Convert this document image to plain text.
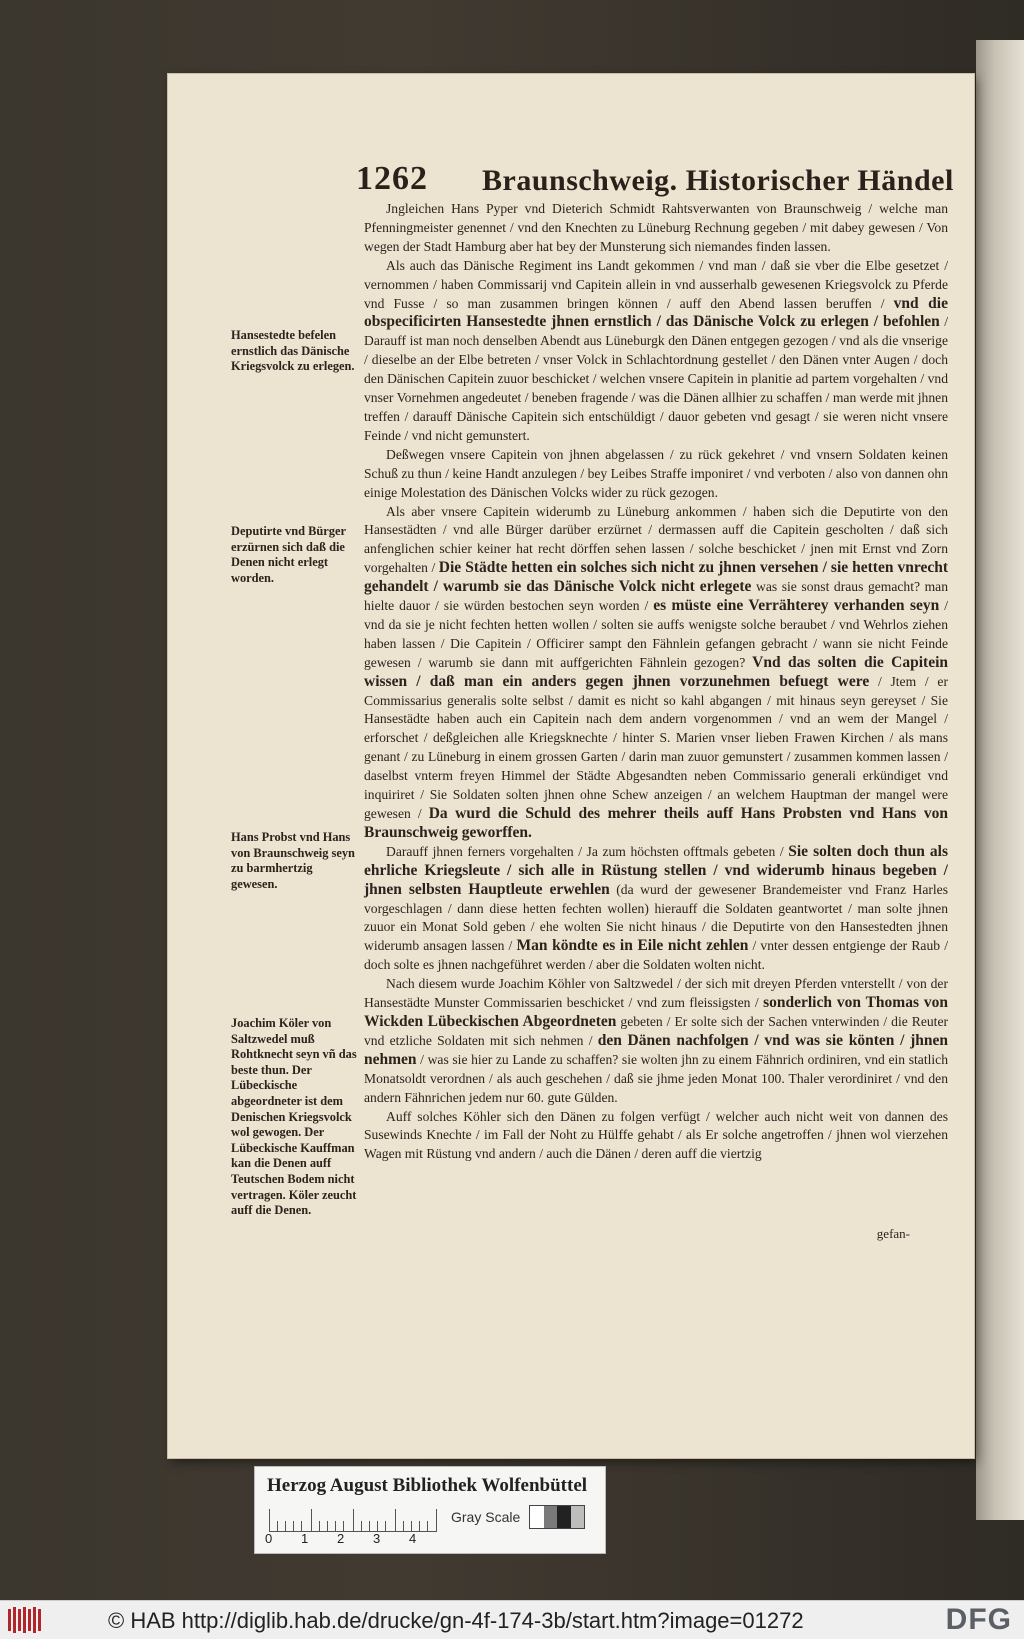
1262	Braunschweig. Historischer Händel

Jngleichen Hans Pyper vnd Dieterich Schmidt Rahtsverwanten von Braunschweig / welche man Pfenningmeister genennet / vnd den Knechten zu Lüneburg Rechnung gegeben / mit dabey gewesen / Von wegen der Stadt Hamburg aber hat bey der Munsterung sich niemandes finden lassen.

Als auch das Dänische Regiment ins Landt gekommen / vnd man / daß sie vber die Elbe gesetzet / vernommen / haben Commissarij vnd Capitein allein in vnd ausserhalb gewesenen Kriegsvolck zu Pferde vnd Fusse / so man zusammen bringen können / auff den Abend lassen beruffen / vnd die obspecificirten Hansestedte jhnen ernstlich / das Dänische Volck zu erlegen / befohlen / Darauff ist man noch denselben Abendt aus Lüneburgk den Dänen entgegen gezogen / vnd als die vnserige / dieselbe an der Elbe betreten / vnser Volck in Schlachtordnung gestellet / den Dänen vnter Augen / doch den Dänischen Capitein zuuor beschicket / welchen vnsere Capitein in planitie ad partem vorgehalten / vnd vnser Vornehmen angedeutet / beneben fragende / was die Dänen allhier zu schaffen / man werde mit jhnen treffen / darauff Dänische Capitein sich entschüldigt / dauor gebeten vnd gesagt / sie weren nicht vnsere Feinde / vnd nicht gemunstert.

Deßwegen vnsere Capitein von jhnen abgelassen / zu rück gekehret / vnd vnsern Soldaten keinen Schuß zu thun / keine Handt anzulegen / bey Leibes Straffe imponiret / vnd verboten / also von dannen ohn einige Molestation des Dänischen Volcks wider zu rück gezogen.

Als aber vnsere Capitein widerumb zu Lüneburg ankommen / haben sich die Deputirte von den Hansestädten / vnd alle Bürger darüber erzürnet / dermassen auff die Capitein gescholten / daß sich anfenglichen schier keiner hat recht dörffen sehen lassen / solche beschicket / jnen mit Ernst vnd Zorn vorgehalten / Die Städte hetten ein solches sich nicht zu jhnen versehen / sie hetten vnrecht gehandelt / warumb sie das Dänische Volck nicht erlegete was sie sonst draus gemacht? man hielte dauor / sie würden bestochen seyn worden / es müste eine Verrähterey verhanden seyn / vnd da sie je nicht fechten hetten wollen / solten sie auffs wenigste solche beraubet / vnd Wehrlos ziehen haben lassen / Die Capitein / Officirer sampt den Fähnlein gefangen gebracht / wann sie nicht Feinde gewesen / warumb sie dann mit auffgerichten Fähnlein gezogen? Vnd das solten die Capitein wissen / daß man ein anders gegen jhnen vorzunehmen befuegt were / Jtem / er Commissarius generalis solte selbst / damit es nicht so kahl abgangen / mit hinaus seyn gereyset / Sie Hansestädte haben auch ein Capitein nach dem andern vorgenommen / vnd an wem der Mangel / erforschet / deßgleichen alle Kriegsknechte / hinter S. Marien vnser lieben Frawen Kirchen / als mans genant / zu Lüneburg in einem grossen Garten / darin man zuuor gemunstert / zusammen kommen lassen / daselbst vnterm freyen Himmel der Städte Abgesandten neben Commissario generali erkündiget vnd inquiriret / Sie Soldaten solten jhnen ohne Schew anzeigen / an welchem Hauptman der mangel were gewesen / Da wurd die Schuld des mehrer theils auff Hans Probsten vnd Hans von Braunschweig geworffen.

Darauff jhnen ferners vorgehalten / Ja zum höchsten offtmals gebeten / Sie solten doch thun als ehrliche Kriegsleute / sich alle in Rüstung stellen / vnd widerumb hinaus begeben / jhnen selbsten Hauptleute erwehlen (da wurd der gewesener Brandemeister vnd Franz Harles vorgeschlagen / dann diese hetten fechten wollen) hierauff die Soldaten geantwortet / man solte jhnen zuuor ein Monat Sold geben / ehe wolten Sie nicht hinaus / die Deputirte von den Hansestedten jhnen widerumb ansagen lassen / Man köndte es in Eile nicht zehlen / vnter dessen entgienge der Raub / doch solte es jhnen nachgeführet werden / aber die Soldaten wolten nicht.

Nach diesem wurde Joachim Köhler von Saltzwedel / der sich mit dreyen Pferden vnterstellt / von der Hansestädte Munster Commissarien beschicket / vnd zum fleissigsten / sonderlich von Thomas von Wickden Lübeckischen Abgeordneten gebeten / Er solte sich der Sachen vnterwinden / die Reuter vnd etzliche Soldaten mit sich nehmen / den Dänen nachfolgen / vnd was sie könten / jhnen nehmen / was sie hier zu Lande zu schaffen? sie wolten jhn zu einem Fähnrich ordiniren, vnd ein statlich Monatsoldt verordnen / als auch geschehen / daß sie jhme jeden Monat 100. Thaler verordiniret / vnd den andern Fähnrichen jedem nur 60. gute Gülden.

Auff solches Köhler sich den Dänen zu folgen verfügt / welcher auch nicht weit von dannen des Susewinds Knechte / im Fall der Noht zu Hülffe gehabt / als Er solche angetroffen / jhnen wol vierzehen Wagen mit Rüstung vnd andern / auch die Dänen / deren auff die viertzig

Hansestedte befelen ernstlich das Dänische Kriegsvolck zu erlegen.
Deputirte vnd Bürger erzürnen sich daß die Denen nicht erlegt worden.
Hans Probst vnd Hans von Braunschweig seyn zu barmhertzig gewesen.
Joachim Köler von Saltzwedel muß Rohtknecht seyn vñ das beste thun. Der Lübeckische abgeordneter ist dem Denischen Kriegsvolck wol gewogen. Der Lübeckische Kauffman kan die Denen auff Teutschen Bodem nicht vertragen. Köler zeucht auff die Denen.
gefan-
Herzog August Bibliothek Wolfenbüttel
0	1	2	3	4
Gray Scale
© HAB http://diglib.hab.de/drucke/gn-4f-174-3b/start.htm?image=01272	DFG
